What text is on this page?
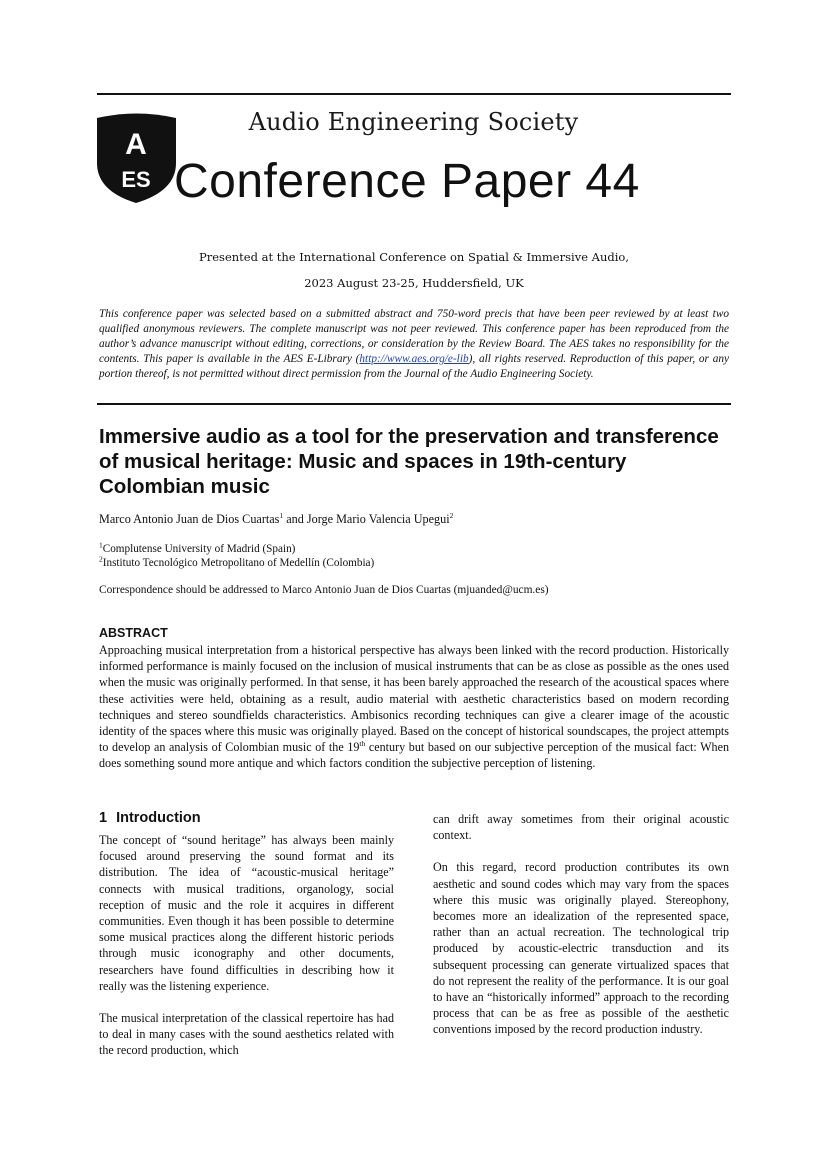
A
ES
Audio Engineering Society
Conference Paper 44
Presented at the International Conference on Spatial & Immersive Audio,
2023 August 23-25, Huddersfield, UK
This conference paper was selected based on a submitted abstract and 750-word precis that have been peer reviewed by at least two qualified anonymous reviewers. The complete manuscript was not peer reviewed. This conference paper has been reproduced from the author’s advance manuscript without editing, corrections, or consideration by the Review Board. The AES takes no responsibility for the contents. This paper is available in the AES E-Library (http://www.aes.org/e-lib), all rights reserved. Reproduction of this paper, or any portion thereof, is not permitted without direct permission from the Journal of the Audio Engineering Society.
Immersive audio as a tool for the preservation and transference of musical heritage: Music and spaces in 19th-century Colombian music
Marco Antonio Juan de Dios Cuartas$^1$ and Jorge Mario Valencia Upegui$^2$
$^1$Complutense University of Madrid (Spain)
$^2$Instituto Tecnológico Metropolitano of Medellín (Colombia)
Correspondence should be addressed to Marco Antonio Juan de Dios Cuartas (mjuanded@ucm.es)
ABSTRACT
Approaching musical interpretation from a historical perspective has always been linked with the record production. Historically informed performance is mainly focused on the inclusion of musical instruments that can be as close as possible as the ones used when the music was originally performed. In that sense, it has been barely approached the research of the acoustical spaces where these activities were held, obtaining as a result, audio material with aesthetic characteristics based on modern recording techniques and stereo soundfields characteristics. Ambisonics recording techniques can give a clearer image of the acoustic identity of the spaces where this music was originally played. Based on the concept of historical soundscapes, the project attempts to develop an analysis of Colombian music of the 19th century but based on our subjective perception of the musical fact: When does something sound more antique and which factors condition the subjective perception of listening.
1 Introduction

The concept of “sound heritage” has always been mainly focused around preserving the sound format and its distribution. The idea of “acoustic-musical heritage” connects with musical traditions, organology, social reception of music and the role it acquires in different communities. Even though it has been possible to determine some musical practices along the different historic periods through music iconography and other documents, researchers have found difficulties in describing how it really was the listening experience.

The musical interpretation of the classical repertoire has had to deal in many cases with the sound aesthetics related with the record production, which

can drift away sometimes from their original acoustic context.

On this regard, record production contributes its own aesthetic and sound codes which may vary from the spaces where this music was originally played. Stereophony, becomes more an idealization of the represented space, rather than an actual recreation. The technological trip produced by acoustic-electric transduction and its subsequent processing can generate virtualized spaces that do not represent the reality of the performance. It is our goal to have an “historically informed” approach to the recording process that can be as free as possible of the aesthetic conventions imposed by the record production industry.
